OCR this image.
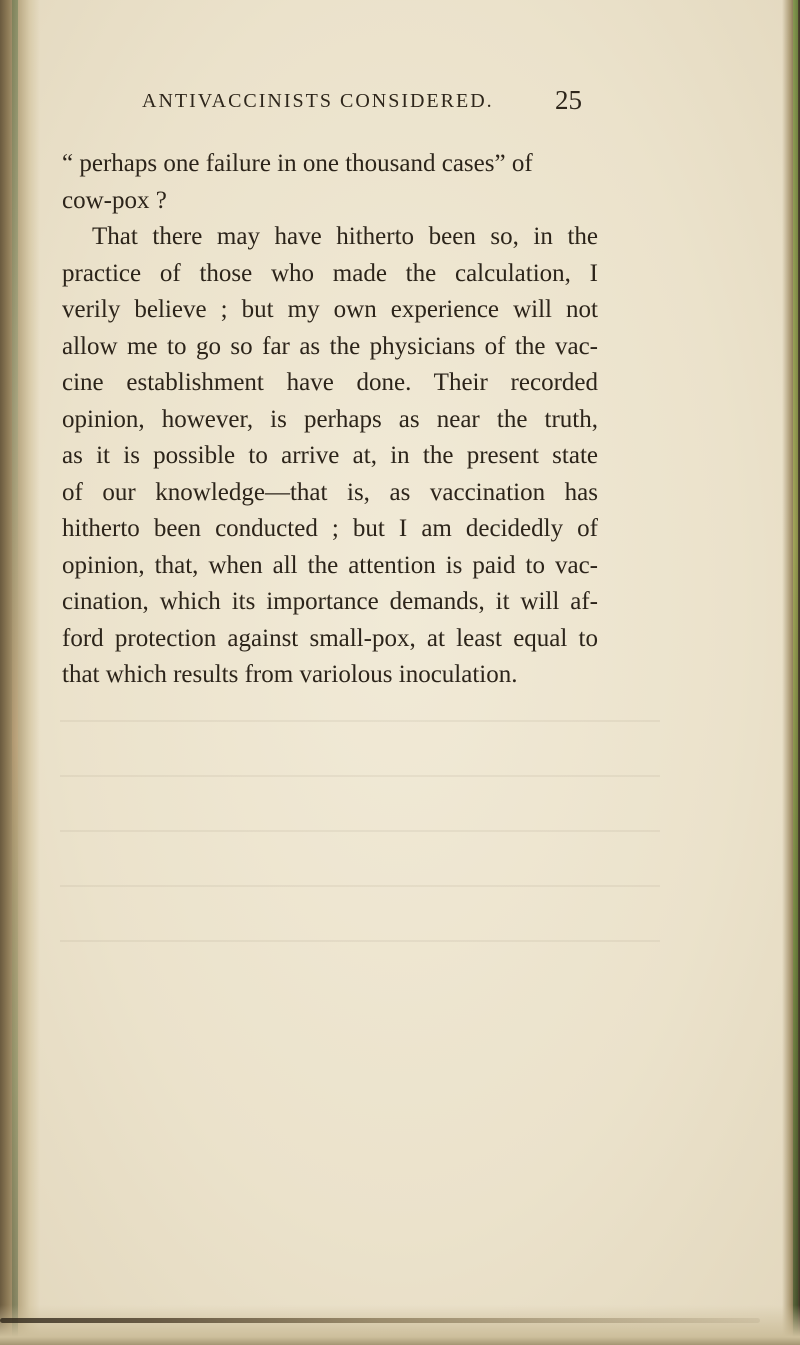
ANTIVACCINISTS CONSIDERED. 25
“ perhaps one failure in one thousand cases” of
cow-pox ?
That there may have hitherto been so, in the
practice of those who made the calculation, I
verily believe ; but my own experience will not
allow me to go so far as the physicians of the vac-
cine establishment have done. Their recorded
opinion, however, is perhaps as near the truth,
as it is possible to arrive at, in the present state
of our knowledge—that is, as vaccination has
hitherto been conducted ; but I am decidedly of
opinion, that, when all the attention is paid to vac-
cination, which its importance demands, it will af-
ford protection against small-pox, at least equal to
that which results from variolous inoculation.
